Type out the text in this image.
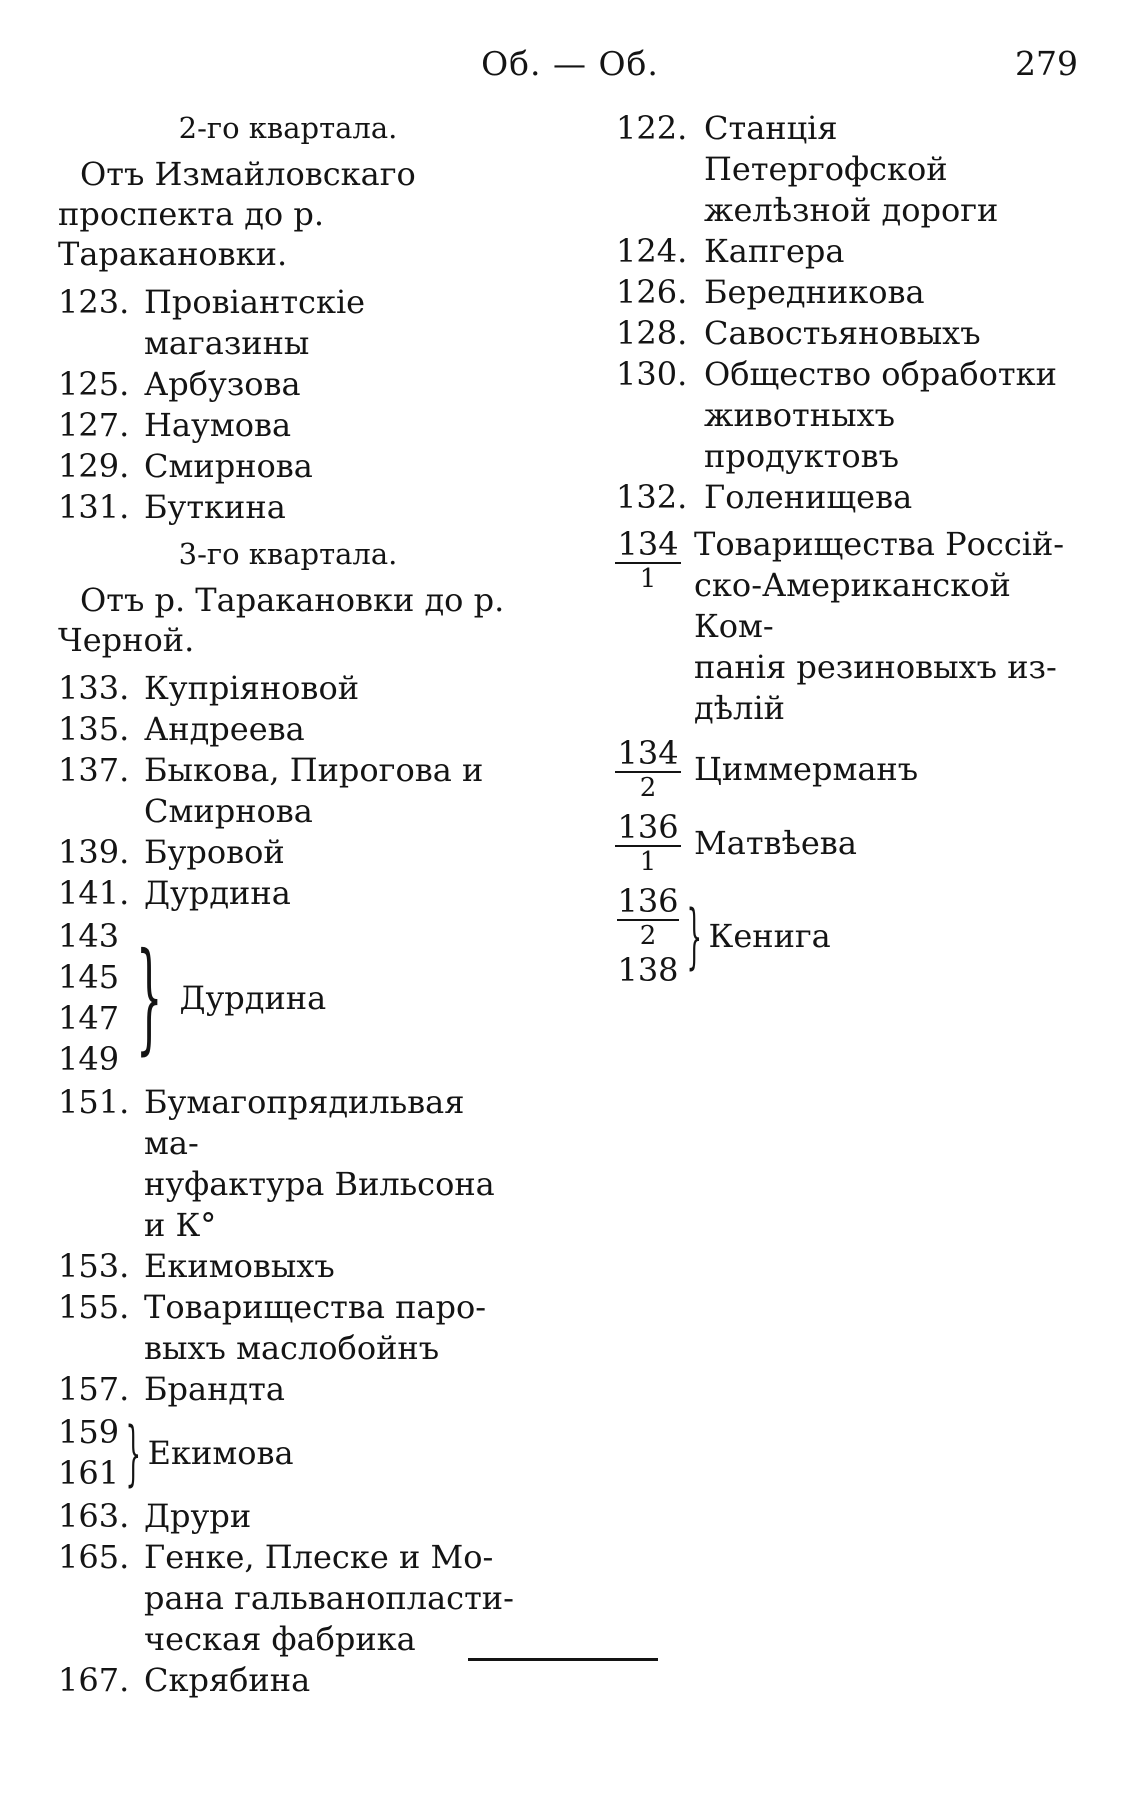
Об. — Об.	279
2-го квартала.
Отъ Измайловскаго проспекта до р. Таракановки.
123. Провіантскіе магазины
125. Арбузова
127. Наумова
129. Смирнова
131. Буткина
3-го квартала.
Отъ р. Таракановки до р. Черной.
133. Купріяновой
135. Андреева
137. Быкова, Пирогова и
Смирнова
139. Буровой
141. Дурдина
143
145
147
149 } Дурдина
151. Бумагопрядильвая ма-
нуфактура Вильсона
и К°
153. Екимовыхъ
155. Товарищества паро-
выхъ маслобойнъ
157. Брандта
159
161 } Екимова
163. Друри
165. Генке, Плеске и Мо-
рана гальванопласти-
ческая фабрика
167. Скрябина
122. Станція Петергофской
желѣзной дороги
124. Капгера
126. Бередникова
128. Савостьяновыхъ
130. Общество обработки
животныхъ продуктовъ
132. Голенищева
$\frac{134}{1}$ Товарищества Россій-
ско-Американской Ком-
панія резиновыхъ из-
дѣлій
$\frac{134}{2}$ Циммерманъ
$\frac{136}{1}$ Матвѣева
136
2
138 } Кенига
